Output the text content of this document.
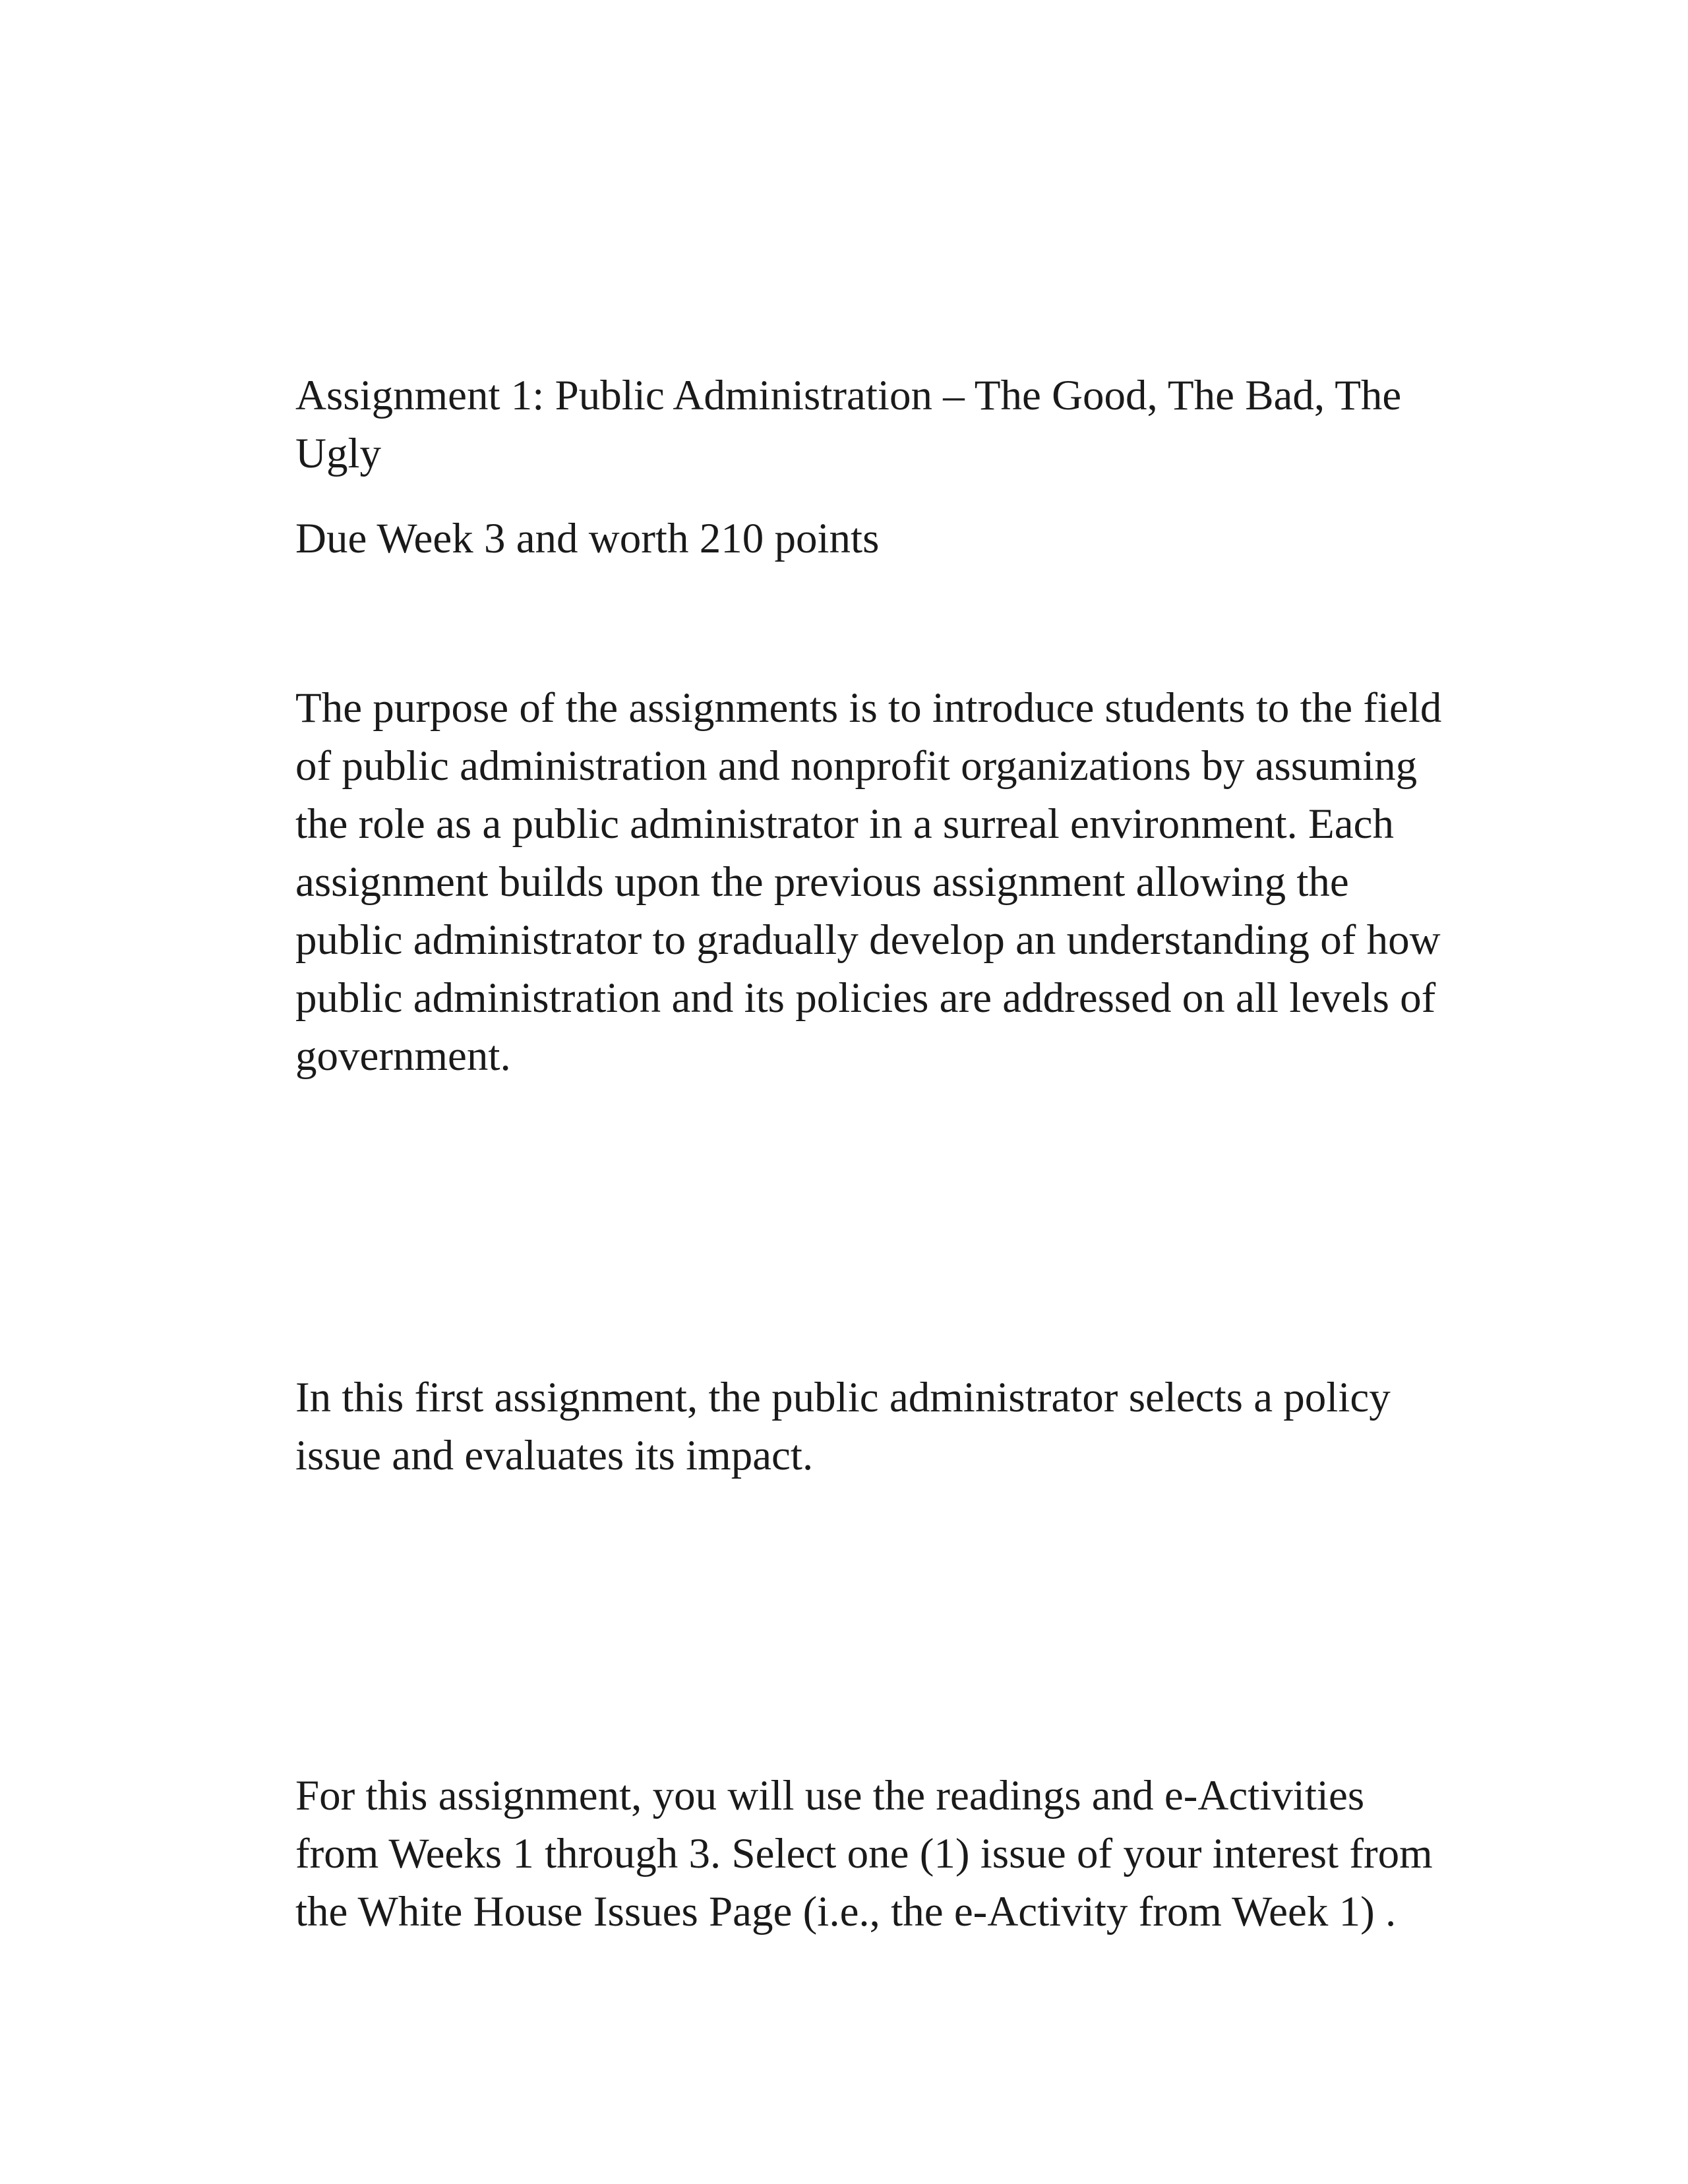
Assignment 1: Public Administration – The Good, The Bad, The
Ugly

Due Week 3 and worth 210 points

The purpose of the assignments is to introduce students to the field
of public administration and nonprofit organizations by assuming
the role as a public administrator in a surreal environment. Each
assignment builds upon the previous assignment allowing the
public administrator to gradually develop an understanding of how
public administration and its policies are addressed on all levels of
government.

In this first assignment, the public administrator selects a policy
issue and evaluates its impact.

For this assignment, you will use the readings and e-Activities
from Weeks 1 through 3. Select one (1) issue of your interest from
the White House Issues Page (i.e., the e-Activity from Week 1) .
